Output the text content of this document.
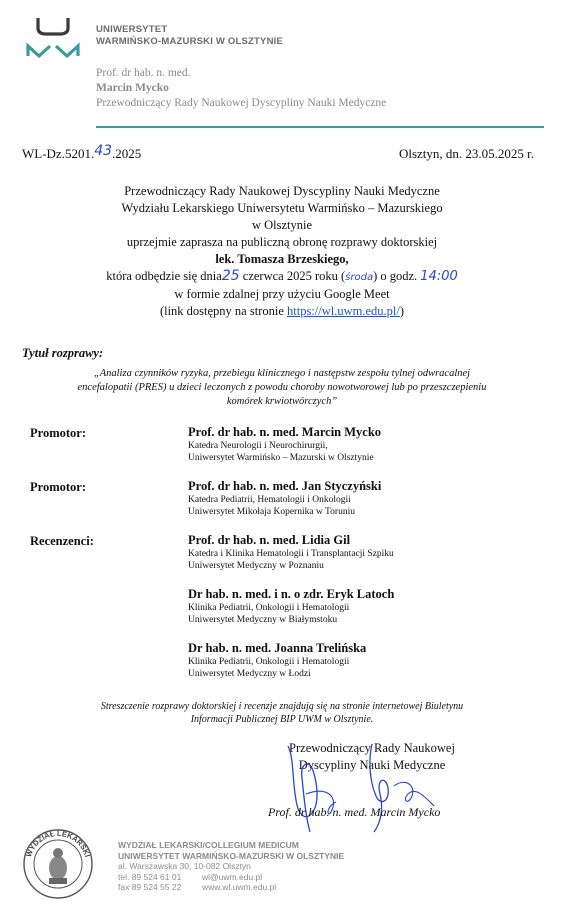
UNIWERSYTET
WARMIŃSKO-MAZURSKI W OLSZTYNIE
Prof. dr hab. n. med.
Marcin Mycko
Przewodniczący Rady Naukowej Dyscypliny Nauki Medyczne
WL-Dz.5201.43.2025	Olsztyn, dn. 23.05.2025 r.
Przewodniczący Rady Naukowej Dyscypliny Nauki Medyczne
Wydziału Lekarskiego Uniwersytetu Warmińsko – Mazurskiego
w Olsztynie
uprzejmie zaprasza na publiczną obronę rozprawy doktorskiej
lek. Tomasza Brzeskiego,
która odbędzie się dnia25 czerwca 2025 roku (środa) o godz. 14:00
w formie zdalnej przy użyciu Google Meet
(link dostępny na stronie https://wl.uwm.edu.pl/)
Tytuł rozprawy:
„Analiza czynników ryzyka, przebiegu klinicznego i następstw zespołu tylnej odwracalnej
encefalopatii (PRES) u dzieci leczonych z powodu choroby nowotworowej lub po przeszczepieniu
komórek krwiotwórczych”
Promotor:	Prof. dr hab. n. med. Marcin Mycko
Katedra Neurologii i Neurochirurgii,
Uniwersytet Warmińsko – Mazurski w Olsztynie
Promotor:	Prof. dr hab. n. med. Jan Styczyński
Katedra Pediatrii, Hematologii i Onkologii
Uniwersytet Mikołaja Kopernika w Toruniu
Recenzenci:	Prof. dr hab. n. med. Lidia Gil
Katedra i Klinika Hematologii i Transplantacji Szpiku
Uniwersytet Medyczny w Poznaniu
Dr hab. n. med. i n. o zdr. Eryk Latoch
Klinika Pediatrii, Onkologii i Hematologii
Uniwersytet Medyczny w Białymstoku
Dr hab. n. med. Joanna Trelińska
Klinika Pediatrii, Onkologii i Hematologii
Uniwersytet Medyczny w Łodzi
Streszczenie rozprawy doktorskiej i recenzje znajdują się na stronie internetowej Biuletynu
Informacji Publicznej BIP UWM w Olsztynie.
Przewodniczący Rady Naukowej
Dyscypliny Nauki Medyczne
Prof. dr hab. n. med. Marcin Mycko
WYDZIAŁ LEKARSKI
WYDZIAŁ LEKARSKI/COLLEGIUM MEDICUM
UNIWERSYTET WARMIŃSKO-MAZURSKI W OLSZTYNIE
al. Warszawska 30, 10-082 Olsztyn
tel. 89 524 61 01 wl@uwm.edu.pl
fax 89 524 55 22 www.wl.uwm.edu.pl
